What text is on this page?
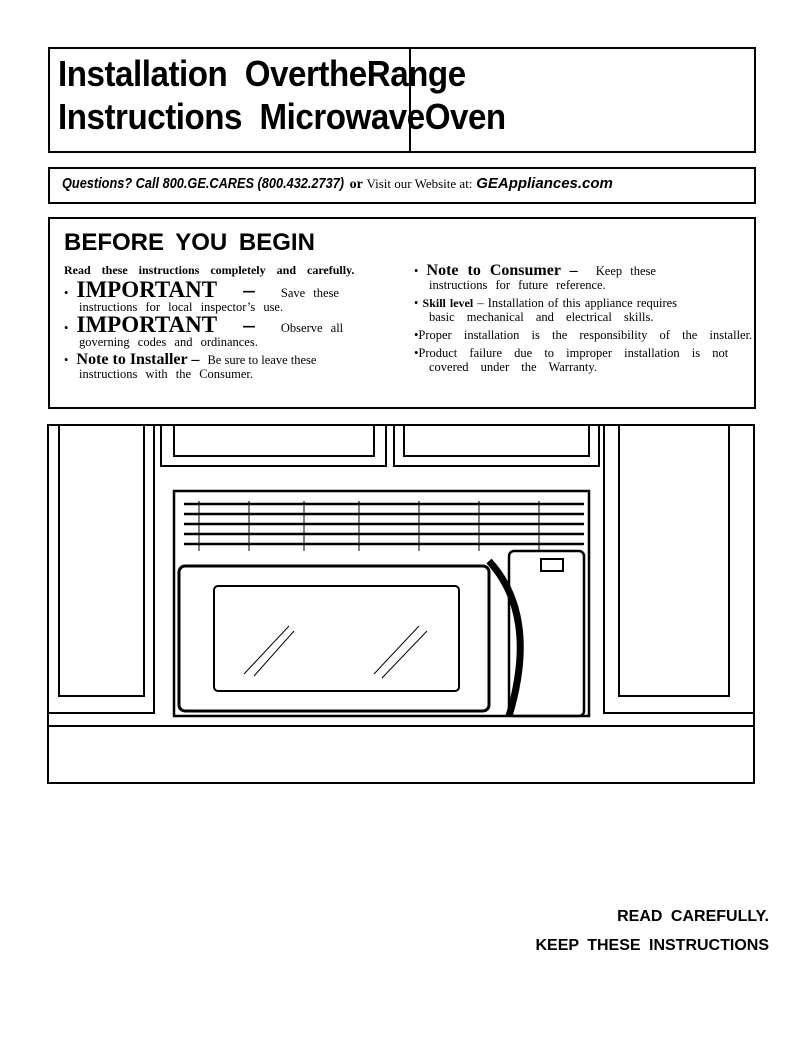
Installation  OvertheRange
Instructions  MicrowaveOven
Questions? Call 800.GE.CARES (800.432.2737) or Visit our Website at: GEAppliances.com
BEFORE YOU BEGIN
Read these instructions completely and carefully.
• IMPORTANT – Save these
instructions for local inspector’s use.
• IMPORTANT – Observe all
governing codes and ordinances.
• Note to Installer – Be sure to leave these
instructions with the Consumer.
• Note to Consumer – Keep these
instructions for future reference.
• Skill level – Installation of this appliance requires
basic mechanical and electrical skills.
•Proper installation is the responsibility of the installer.
•Product failure due to improper installation is not
covered under the Warranty.
READ CAREFULLY.
KEEP THESE INSTRUCTIONS
